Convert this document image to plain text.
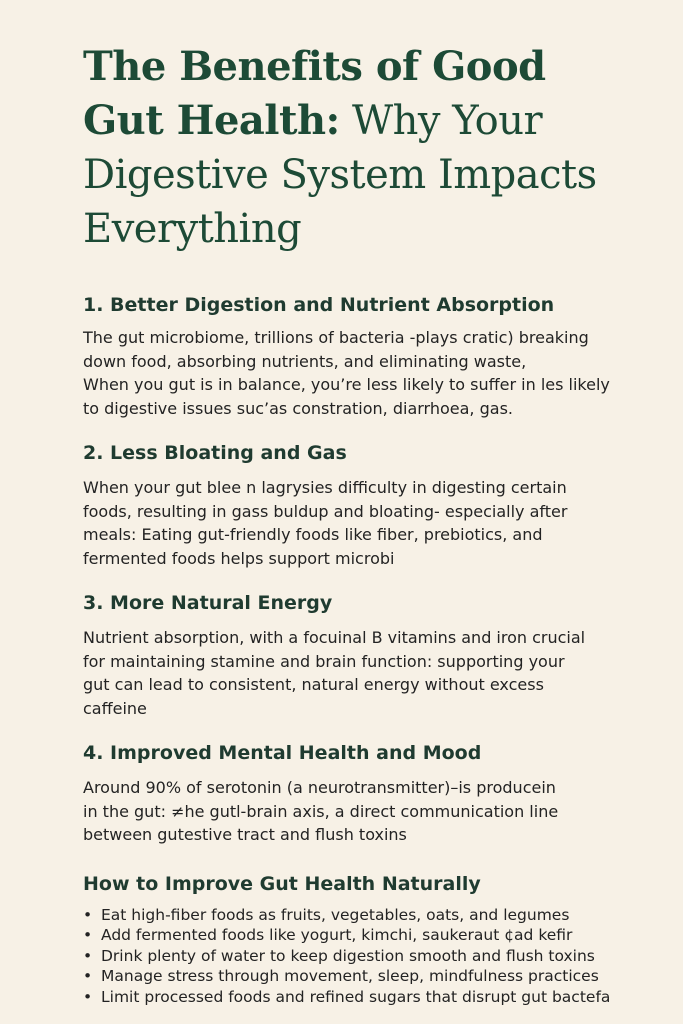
The Benefits of Good
Gut Health: Why Your
Digestive System Impacts
Everything
1. Better Digestion and Nutrient Absorption

The gut microbiome, trillions of bacteria -plays cratic) breaking
down food, absorbing nutrients, and eliminating waste,
When you gut is in balance, you’re less likely to suffer in les likely
to digestive issues suc’as constration, diarrhoea, gas.

2. Less Bloating and Gas

When your gut blee n lagrysies difficulty in digesting certain
foods, resulting in gass buldup and bloating- especially after
meals: Eating gut-friendly foods like fiber, prebiotics, and
fermented foods helps support microbi

3. More Natural Energy

Nutrient absorption, with a focuinal B vitamins and iron crucial
for maintaining stamine and brain function: supporting your
gut can lead to consistent, natural energy without excess
caffeine

4. Improved Mental Health and Mood

Around 90% of serotonin (a neurotransmitter)–is producein
in the gut: ≠he gutl-brain axis, a direct communication line
between gutestive tract and flush toxins

How to Improve Gut Health Naturally
• Eat high-fiber foods as fruits, vegetables, oats, and legumes
• Add fermented foods like yogurt, kimchi, saukeraut ¢ad kefir
• Drink plenty of water to keep digestion smooth and flush toxins
• Manage stress through movement, sleep, mindfulness practices
• Limit processed foods and refined sugars that disrupt gut bactefa
